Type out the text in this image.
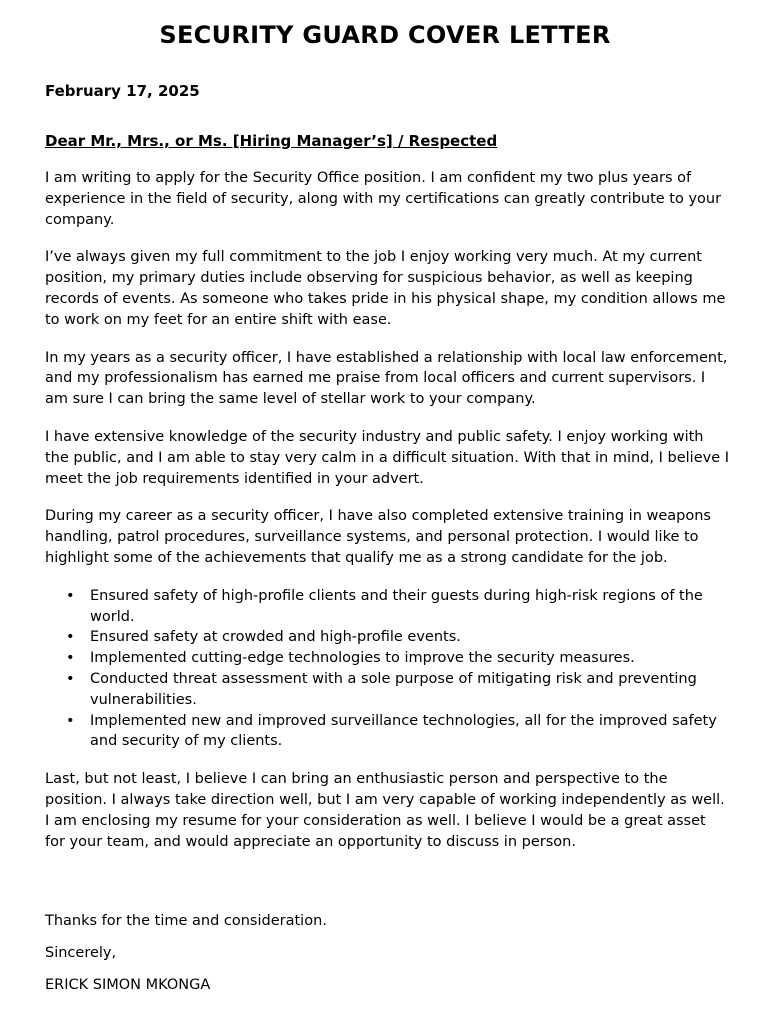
SECURITY GUARD COVER LETTER
February 17, 2025
Dear Mr., Mrs., or Ms. [Hiring Manager’s] / Respected

I am writing to apply for the Security Office position. I am confident my two plus years of experience in the field of security, along with my certifications can greatly contribute to your company.

I’ve always given my full commitment to the job I enjoy working very much. At my current position, my primary duties include observing for suspicious behavior, as well as keeping records of events. As someone who takes pride in his physical shape, my condition allows me to work on my feet for an entire shift with ease.

In my years as a security officer, I have established a relationship with local law enforcement, and my professionalism has earned me praise from local officers and current supervisors. I am sure I can bring the same level of stellar work to your company.

I have extensive knowledge of the security industry and public safety. I enjoy working with the public, and I am able to stay very calm in a difficult situation. With that in mind, I believe I meet the job requirements identified in your advert.

During my career as a security officer, I have also completed extensive training in weapons handling, patrol procedures, surveillance systems, and personal protection. I would like to highlight some of the achievements that qualify me as a strong candidate for the job.

• Ensured safety of high-profile clients and their guests during high-risk regions of the world.
• Ensured safety at crowded and high-profile events.
• Implemented cutting-edge technologies to improve the security measures.
• Conducted threat assessment with a sole purpose of mitigating risk and preventing vulnerabilities.
• Implemented new and improved surveillance technologies, all for the improved safety and security of my clients.

Last, but not least, I believe I can bring an enthusiastic person and perspective to the position. I always take direction well, but I am very capable of working independently as well. I am enclosing my resume for your consideration as well. I believe I would be a great asset for your team, and would appreciate an opportunity to discuss in person.

Thanks for the time and consideration.
Sincerely,
ERICK SIMON MKONGA
